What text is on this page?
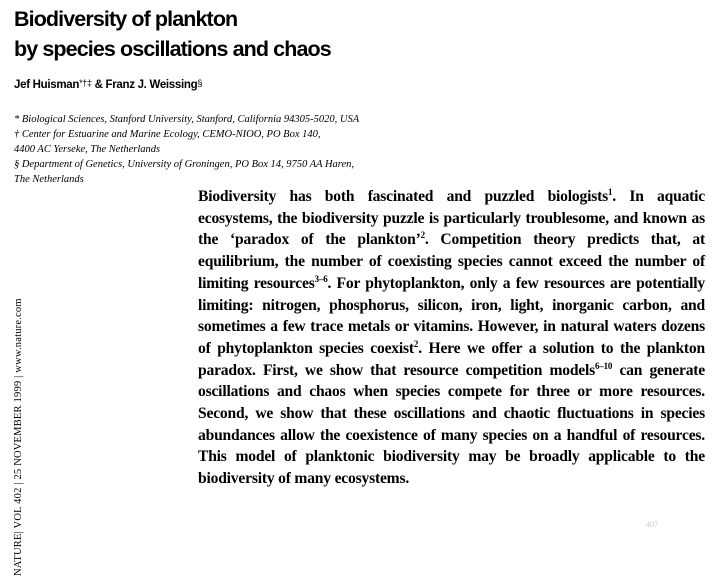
Biodiversity of plankton
by species oscillations and chaos
Jef Huisman*†‡ & Franz J. Weissing§
* Biological Sciences, Stanford University, Stanford, California 94305-5020, USA
† Center for Estuarine and Marine Ecology, CEMO-NIOO, PO Box 140,
4400 AC Yerseke, The Netherlands
§ Department of Genetics, University of Groningen, PO Box 14, 9750 AA Haren,
The Netherlands

Biodiversity has both fascinated and puzzled biologists$^1$. In aquatic ecosystems, the biodiversity puzzle is particularly troublesome, and known as the ‘paradox of the plankton’$^2$. Competition theory predicts that, at equilibrium, the number of coexisting species cannot exceed the number of limiting resources$^{3-6}$. For phytoplankton, only a few resources are potentially limiting: nitrogen, phosphorus, silicon, iron, light, inorganic carbon, and sometimes a few trace metals or vitamins. However, in natural waters dozens of phytoplankton species coexist$^2$. Here we offer a solution to the plankton paradox. First, we show that resource competition models$^{6-10}$ can generate oscillations and chaos when species compete for three or more resources. Second, we show that these oscillations and chaotic fluctuations in species abundances allow the coexistence of many species on a handful of resources. This model of planktonic biodiversity may be broadly applicable to the biodiversity of many ecosystems.

NATURE| VOL 402 | 25 NOVEMBER 1999 | www.nature.com	407
